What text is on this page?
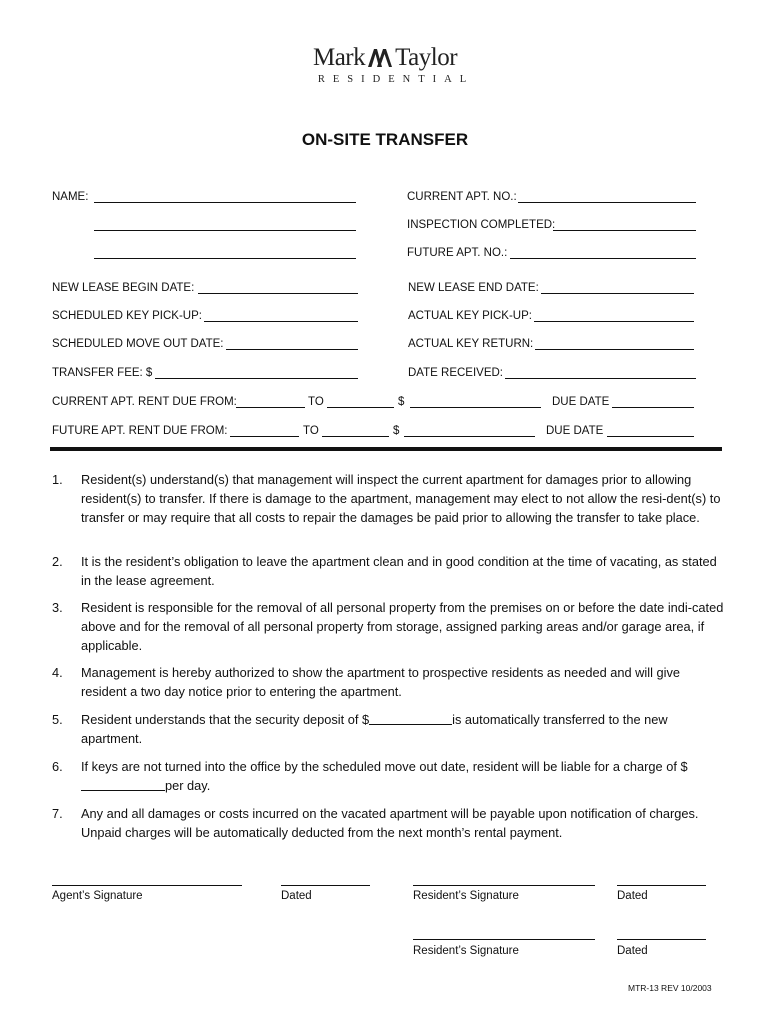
Mark Taylor
RESIDENTIAL
ON-SITE TRANSFER
NAME:	CURRENT APT. NO.:
INSPECTION COMPLETED:
FUTURE APT. NO.:
NEW LEASE BEGIN DATE:	NEW LEASE END DATE:
SCHEDULED KEY PICK-UP:	ACTUAL KEY PICK-UP:
SCHEDULED MOVE OUT DATE:	ACTUAL KEY RETURN:
TRANSFER FEE: $	DATE RECEIVED:
CURRENT APT. RENT DUE FROM:	TO	$	DUE DATE
FUTURE APT. RENT DUE FROM:	TO	$	DUE DATE
1.	Resident(s) understand(s) that management will inspect the current apartment for damages prior to allowing resident(s) to transfer. If there is damage to the apartment, management may elect to not allow the resi-dent(s) to transfer or may require that all costs to repair the damages be paid prior to allowing the transfer to take place.
2.	It is the resident’s obligation to leave the apartment clean and in good condition at the time of vacating, as stated in the lease agreement.
3.	Resident is responsible for the removal of all personal property from the premises on or before the date indi-cated above and for the removal of all personal property from storage, assigned parking areas and/or garage area, if applicable.
4.	Management is hereby authorized to show the apartment to prospective residents as needed and will give resident a two day notice prior to entering the apartment.
5.	Resident understands that the security deposit of $	is automatically transferred to the new apartment.
6.	If keys are not turned into the office by the scheduled move out date, resident will be liable for a charge of $per day.
7.	Any and all damages or costs incurred on the vacated apartment will be payable upon notification of charges. Unpaid charges will be automatically deducted from the next month’s rental payment.
Agent’s Signature	Dated	Resident’s Signature	Dated
Resident’s Signature	Dated
MTR-13 REV 10/2003
